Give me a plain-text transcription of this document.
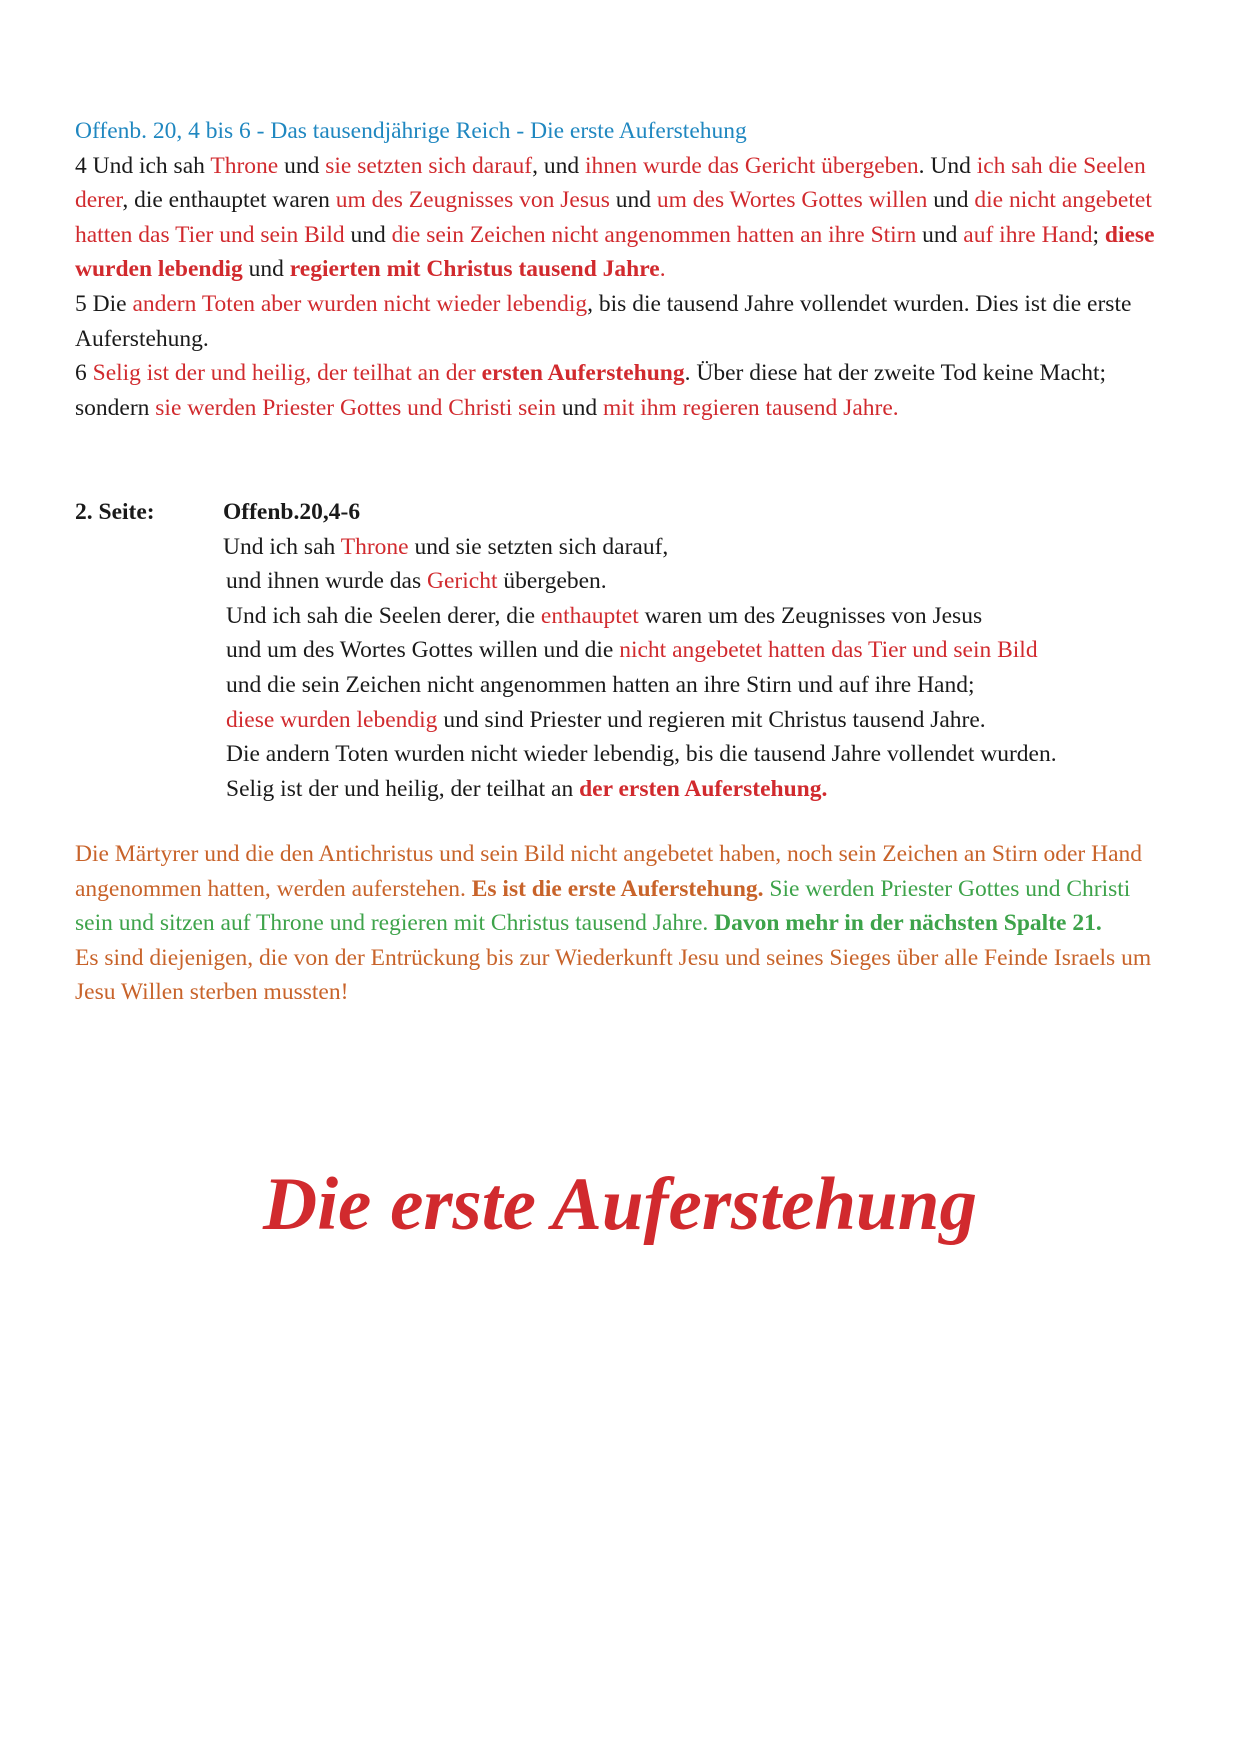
Offenb. 20, 4 bis 6 - Das tausendjährige Reich - Die erste Auferstehung
4 Und ich sah Throne und sie setzten sich darauf, und ihnen wurde das Gericht übergeben. Und ich sah die Seelen derer, die enthauptet waren um des Zeugnisses von Jesus und um des Wortes Gottes willen und die nicht angebetet hatten das Tier und sein Bild und die sein Zeichen nicht angenommen hatten an ihre Stirn und auf ihre Hand; diese wurden lebendig und regierten mit Christus tausend Jahre.
5 Die andern Toten aber wurden nicht wieder lebendig, bis die tausend Jahre vollendet wurden. Dies ist die erste Auferstehung.
6 Selig ist der und heilig, der teilhat an der ersten Auferstehung. Über diese hat der zweite Tod keine Macht; sondern sie werden Priester Gottes und Christi sein und mit ihm regieren tausend Jahre.
2. Seite:	Offenb.20,4-6
Und ich sah Throne und sie setzten sich darauf,
und ihnen wurde das Gericht übergeben.
Und ich sah die Seelen derer, die enthauptet waren um des Zeugnisses von Jesus
und um des Wortes Gottes willen und die nicht angebetet hatten das Tier und sein Bild
und die sein Zeichen nicht angenommen hatten an ihre Stirn und auf ihre Hand;
diese wurden lebendig und sind Priester und regieren mit Christus tausend Jahre.
Die andern Toten wurden nicht wieder lebendig, bis die tausend Jahre vollendet wurden.
Selig ist der und heilig, der teilhat an der ersten Auferstehung.
Die Märtyrer und die den Antichristus und sein Bild nicht angebetet haben, noch sein Zeichen an Stirn oder Hand angenommen hatten, werden auferstehen. Es ist die erste Auferstehung. Sie werden Priester Gottes und Christi sein und sitzen auf Throne und regieren mit Christus tausend Jahre. Davon mehr in der nächsten Spalte 21.
Es sind diejenigen, die von der Entrückung bis zur Wiederkunft Jesu und seines Sieges über alle Feinde Israels um Jesu Willen sterben mussten!
Die erste Auferstehung
